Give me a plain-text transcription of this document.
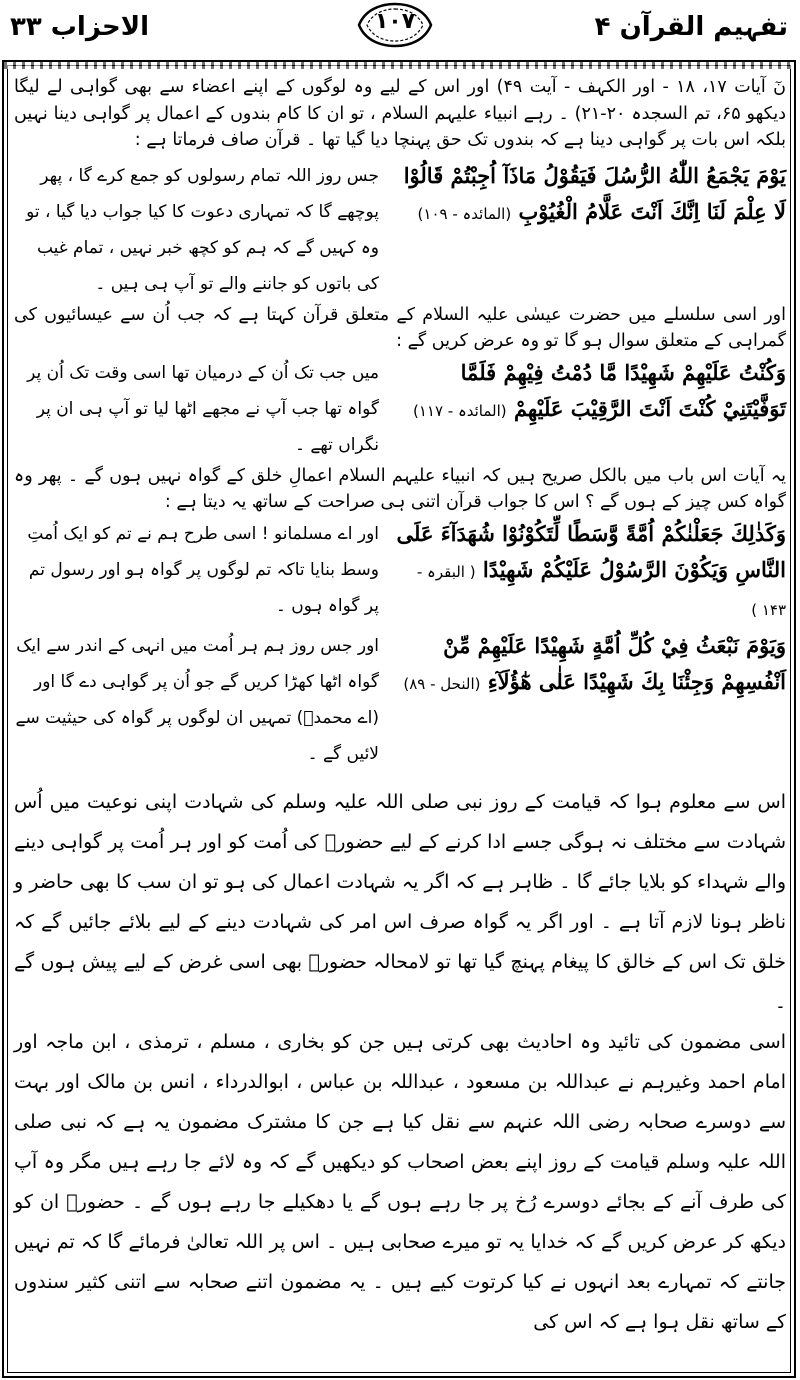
تفہیم القرآن ۴
۱۰۷
الاحزاب ۳۳

نٓ آیات ۱۷، ۱۸ - اور الکہف - آیت ۴۹) اور اس کے لیے وہ لوگوں کے اپنے اعضاء سے بھی گواہی لے لیگا دیکھو ۶۵، تم السجدہ ۲۰-۲۱) ۔ رہے انبیاء علیہم السلام ، تو ان کا کام بندوں کے اعمال پر گواہی دینا نہیں بلکہ اس بات پر گواہی دینا ہے کہ بندوں تک حق پہنچا دیا گیا تھا ۔ قرآن صاف فرماتا ہے :

جس روز اللہ تمام رسولوں کو جمع کرے گا ، پھر پوچھے گا کہ تمہاری دعوت کا کیا جواب دیا گیا ، تو وہ کہیں گے کہ ہم کو کچھ خبر نہیں ، تمام غیب کی باتوں کو جاننے والے تو آپ ہی ہیں ۔

يَوْمَ يَجْمَعُ اللّٰهُ الرُّسُلَ فَيَقُوْلُ مَاذَآ اُجِبْتُمْ قَالُوْا لَا عِلْمَ لَنَا اِنَّكَ اَنْتَ عَلَّامُ الْغُيُوْبِ (المائدہ - ۱۰۹)

اور اسی سلسلے میں حضرت عیسٰی علیہ السلام کے متعلق قرآن کہتا ہے کہ جب اُن سے عیسائیوں کی گمراہی کے متعلق سوال ہو گا تو وہ عرض کریں گے :

میں جب تک اُن کے درمیان تھا اسی وقت تک اُن پر گواہ تھا جب آپ نے مجھے اٹھا لیا تو آپ ہی ان پر نگراں تھے ۔

وَكُنْتُ عَلَيْهِمْ شَهِيْدًا مَّا دُمْتُ فِيْهِمْ فَلَمَّا تَوَفَّيْتَنِيْ كُنْتَ اَنْتَ الرَّقِيْبَ عَلَيْهِمْ (المائدہ - ۱۱۷)

یہ آیات اس باب میں بالکل صریح ہیں کہ انبیاء علیہم السلام اعمالِ خلق کے گواہ نہیں ہوں گے ۔ پھر وہ گواہ کس چیز کے ہوں گے ؟ اس کا جواب قرآن اتنی ہی صراحت کے ساتھ یہ دیتا ہے :

اور اے مسلمانو ! اسی طرح ہم نے تم کو ایک اُمتِ وسط بنایا تاکہ تم لوگوں پر گواہ ہو اور رسول تم پر گواہ ہوں ۔

وَكَذٰلِكَ جَعَلْنٰكُمْ اُمَّةً وَّسَطًا لِّتَكُوْنُوْا شُهَدَآءَ عَلَى النَّاسِ وَيَكُوْنَ الرَّسُوْلُ عَلَيْكُمْ شَهِيْدًا ( البقرہ - ۱۴۳ )

اور جس روز ہم ہر اُمت میں انہی کے اندر سے ایک گواہ اٹھا کھڑا کریں گے جو اُن پر گواہی دے گا اور (اے محمدؐ) تمہیں ان لوگوں پر گواہ کی حیثیت سے لائیں گے ۔

وَيَوْمَ نَبْعَثُ فِيْ كُلِّ اُمَّةٍ شَهِيْدًا عَلَيْهِمْ مِّنْ اَنْفُسِهِمْ وَجِئْنَا بِكَ شَهِيْدًا عَلٰى هٰٓؤُلَآءِ (النحل - ۸۹)

اس سے معلوم ہوا کہ قیامت کے روز نبی صلی اللہ علیہ وسلم کی شہادت اپنی نوعیت میں اُس شہادت سے مختلف نہ ہوگی جسے ادا کرنے کے لیے حضورؐ کی اُمت کو اور ہر اُمت پر گواہی دینے والے شہداء کو بلایا جائے گا ۔ ظاہر ہے کہ اگر یہ شہادت اعمال کی ہو تو ان سب کا بھی حاضر و ناظر ہونا لازم آتا ہے ۔ اور اگر یہ گواہ صرف اس امر کی شہادت دینے کے لیے بلائے جائیں گے کہ خلق تک اس کے خالق کا پیغام پہنچ گیا تھا تو لامحالہ حضورؐ بھی اسی غرض کے لیے پیش ہوں گے ۔

اسی مضمون کی تائید وہ احادیث بھی کرتی ہیں جن کو بخاری ، مسلم ، ترمذی ، ابن ماجہ اور امام احمد وغیرہم نے عبداللہ بن مسعود ، عبداللہ بن عباس ، ابوالدرداء ، انس بن مالک اور بہت سے دوسرے صحابہ رضی اللہ عنہم سے نقل کیا ہے جن کا مشترک مضمون یہ ہے کہ نبی صلی اللہ علیہ وسلم قیامت کے روز اپنے بعض اصحاب کو دیکھیں گے کہ وہ لائے جا رہے ہیں مگر وہ آپ کی طرف آنے کے بجائے دوسرے رُخ پر جا رہے ہوں گے یا دھکیلے جا رہے ہوں گے ۔ حضورؐ ان کو دیکھ کر عرض کریں گے کہ خدایا یہ تو میرے صحابی ہیں ۔ اس پر اللہ تعالیٰ فرمائے گا کہ تم نہیں جانتے کہ تمہارے بعد انہوں نے کیا کرتوت کیے ہیں ۔ یہ مضمون اتنے صحابہ سے اتنی کثیر سندوں کے ساتھ نقل ہوا ہے کہ اس کی
